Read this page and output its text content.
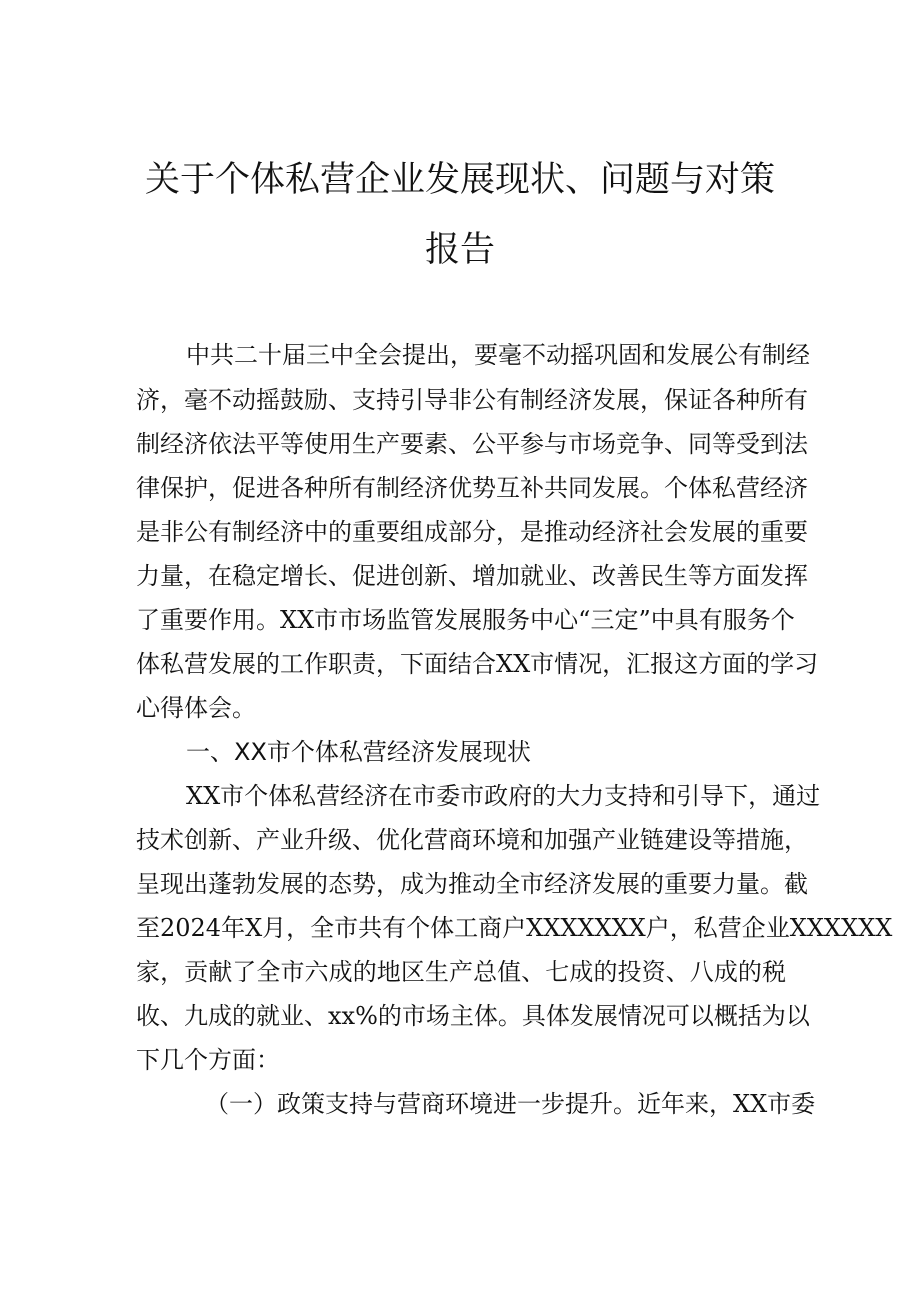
关于个体私营企业发展现状、问题与对策
报告
中共二十届三中全会提出，要毫不动摇巩固和发展公有制经
济，毫不动摇鼓励、支持引导非公有制经济发展，保证各种所有
制经济依法平等使用生产要素、公平参与市场竞争、同等受到法
律保护，促进各种所有制经济优势互补共同发展。个体私营经济
是非公有制经济中的重要组成部分，是推动经济社会发展的重要
力量，在稳定增长、促进创新、增加就业、改善民生等方面发挥
了重要作用。XX市市场监管发展服务中心“三定”中具有服务个
体私营发展的工作职责，下面结合XX市情况，汇报这方面的学习
心得体会。
一、XX市个体私营经济发展现状
XX市个体私营经济在市委市政府的大力支持和引导下，通过
技术创新、产业升级、优化营商环境和加强产业链建设等措施，
呈现出蓬勃发展的态势，成为推动全市经济发展的重要力量。截
至2024年X月，全市共有个体工商户XXXXXXX户，私营企业XXXXXX
家，贡献了全市六成的地区生产总值、七成的投资、八成的税
收、九成的就业、xx%的市场主体。具体发展情况可以概括为以
下几个方面：
（一）政策支持与营商环境进一步提升。近年来，XX市委
